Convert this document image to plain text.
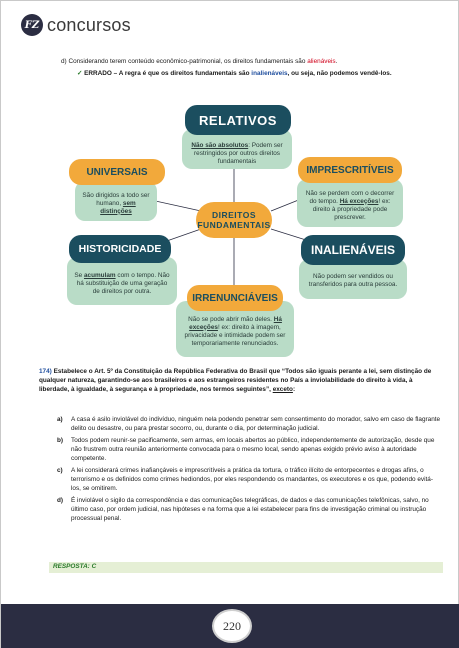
FZ concursos
d) Considerando terem conteúdo econômico-patrimonial, os direitos fundamentais são alienáveis.
✓ ERRADO – A regra é que os direitos fundamentais são inalienáveis, ou seja, não podemos vendê-los.
DIREITOS FUNDAMENTAIS
Não são absolutos: Podem ser restringidos por outros direitos fundamentais
RELATIVOS
São dirigidos a todo ser humano, sem distinções
UNIVERSAIS
Não se perdem com o decorrer do tempo. Há exceções! ex: direito à propriedade pode prescrever.
IMPRESCRITÍVEIS
Se acumulam com o tempo. Não há substituição de uma geração de direitos por outra.
HISTORICIDADE
Não podem ser vendidos ou transferidos para outra pessoa.
INALIENÁVEIS
Não se pode abrir mão deles. Há exceções! ex: direito à imagem, privacidade e intimidade podem ser temporariamente renunciados.
IRRENUNCIÁVEIS
174) Estabelece o Art. 5º da Constituição da República Federativa do Brasil que “Todos são iguais perante a lei, sem distinção de qualquer natureza, garantindo-se aos brasileiros e aos estrangeiros residentes no País a inviolabilidade do direito à vida, à liberdade, à igualdade, à segurança e à propriedade, nos termos seguintes”, exceto:
a)	A casa é asilo inviolável do indivíduo, ninguém nela podendo penetrar sem consentimento do morador, salvo em caso de flagrante delito ou desastre, ou para prestar socorro, ou, durante o dia, por determinação judicial.
b)	Todos podem reunir-se pacificamente, sem armas, em locais abertos ao público, independentemente de autorização, desde que não frustrem outra reunião anteriormente convocada para o mesmo local, sendo apenas exigido prévio aviso à autoridade competente.
c)	A lei considerará crimes inafiançáveis e imprescritíveis a prática da tortura, o tráfico ilícito de entorpecentes e drogas afins, o terrorismo e os definidos como crimes hediondos, por eles respondendo os mandantes, os executores e os que, podendo evitá-los, se omitirem.
d)	É inviolável o sigilo da correspondência e das comunicações telegráficas, de dados e das comunicações telefônicas, salvo, no último caso, por ordem judicial, nas hipóteses e na forma que a lei estabelecer para fins de investigação criminal ou instrução processual penal.
RESPOSTA: C
220
